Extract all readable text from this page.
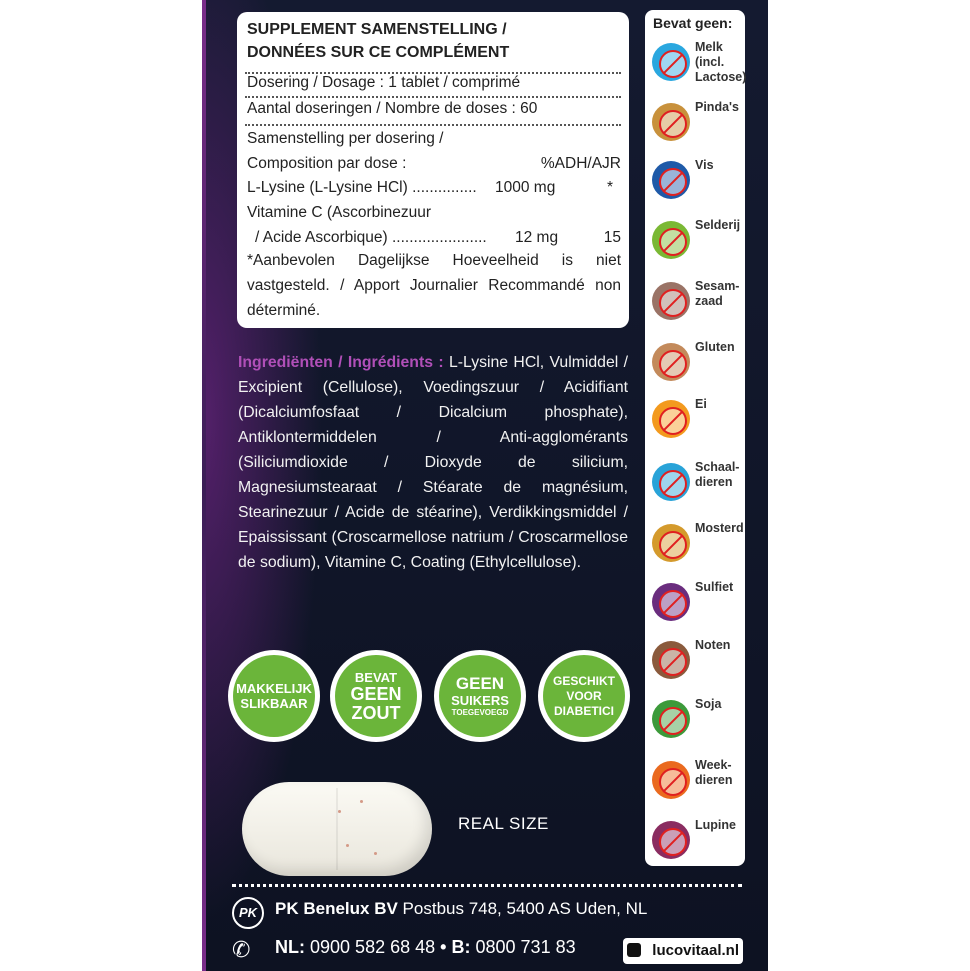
SUPPLEMENT SAMENSTELLING /
DONNÉES SUR CE COMPLÉMENT
Dosering / Dosage : 1 tablet / comprimé
Aantal doseringen / Nombre de doses : 60
Samenstelling per dosering /
Composition par dose :	%ADH/AJR
L-Lysine (L-Lysine HCl) ............... 1000 mg	*
Vitamine C (Ascorbinezuur
/ Acide Ascorbique) ...................... 12 mg	15
*Aanbevolen Dagelijkse Hoeveelheid is niet vastgesteld. / Apport Journalier Recommandé non déterminé.
Ingrediënten / Ingrédients : L-Lysine HCl, Vulmiddel / Excipient (Cellulose), Voedingszuur / Acidifiant (Dicalciumfosfaat / Dicalcium phosphate), Antiklontermiddelen / Anti-agglomérants (Siliciumdioxide / Dioxyde de silicium, Magnesiumstearaat / Stéarate de magnésium, Stearinezuur / Acide de stéarine), Verdikkingsmiddel / Epaississant (Croscarmellose natrium / Croscarmellose de sodium), Vitamine C, Coating (Ethylcellulose).
MAKKELIJK
SLIKBAAR
BEVAT
GEEN
ZOUT
GEEN
SUIKERS
TOEGEVOEGD
GESCHIKT
VOOR
DIABETICI
REAL SIZE
Bevat geen:
Melk (incl. Lactose)
Pinda's
Vis
Selderij
Sesam- zaad
Gluten
Ei
Schaal- dieren
Mosterd
Sulfiet
Noten
Soja
Week- dieren
Lupine
PK	PK Benelux BV Postbus 748, 5400 AS Uden, NL
✆	NL: 0900 582 68 48 • B: 0800 731 83	lucovitaal.nl
